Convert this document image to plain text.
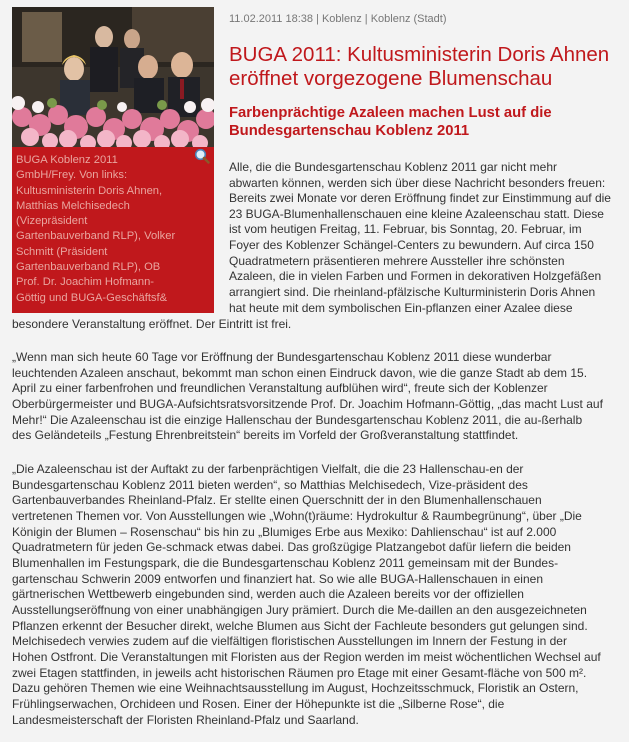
BUGA Koblenz 2011
GmbH/Frey. Von links:
Kultusministerin Doris Ahnen,
Matthias Melchisedech
(Vizepräsident
Gartenbauverband RLP), Volker
Schmitt (Präsident
Gartenbauverband RLP), OB
Prof. Dr. Joachim Hofmann-
Göttig und BUGA-Geschäftsf&
11.02.2011 18:38 | Koblenz | Koblenz (Stadt)
BUGA 2011: Kultusministerin Doris Ahnen
eröffnet vorgezogene Blumenschau
Farbenprächtige Azaleen machen Lust auf die
Bundesgartenschau Koblenz 2011
Alle, die die Bundesgartenschau Koblenz 2011 gar nicht mehr
abwarten können, werden sich über diese Nachricht besonders freuen:
Bereits zwei Monate vor deren Eröffnung findet zur Einstimmung auf die
23 BUGA-Blumenhallenschauen eine kleine Azaleenschau statt. Diese
ist vom heutigen Freitag, 11. Februar, bis Sonntag, 20. Februar, im
Foyer des Koblenzer Schängel-Centers zu bewundern. Auf circa 150
Quadratmetern präsentieren mehrere Aussteller ihre schönsten
Azaleen, die in vielen Farben und Formen in dekorativen Holzgefäßen
arrangiert sind. Die rheinland-pfälzische Kulturministerin Doris Ahnen
hat heute mit dem symbolischen Ein-pflanzen einer Azalee diese
besondere Veranstaltung eröffnet. Der Eintritt ist frei.
„Wenn man sich heute 60 Tage vor Eröffnung der Bundesgartenschau Koblenz 2011 diese wunderbar
leuchtenden Azaleen anschaut, bekommt man schon einen Eindruck davon, wie die ganze Stadt ab dem 15.
April zu einer farbenfrohen und freundlichen Veranstaltung aufblühen wird“, freute sich der Koblenzer
Oberbürgermeister und BUGA-Aufsichtsratsvorsitzende Prof. Dr. Joachim Hofmann-Göttig, „das macht Lust auf
Mehr!“ Die Azaleenschau ist die einzige Hallenschau der Bundesgartenschau Koblenz 2011, die au-ßerhalb
des Geländeteils „Festung Ehrenbreitstein“ bereits im Vorfeld der Großveranstaltung stattfindet.
„Die Azaleenschau ist der Auftakt zu der farbenprächtigen Vielfalt, die die 23 Hallenschau-en der
Bundesgartenschau Koblenz 2011 bieten werden“, so Matthias Melchisedech, Vize-präsident des
Gartenbauverbandes Rheinland-Pfalz. Er stellte einen Querschnitt der in den Blumenhallenschauen
vertretenen Themen vor. Von Ausstellungen wie „Wohn(t)räume: Hydrokultur & Raumbegrünung“, über „Die
Königin der Blumen – Rosenschau“ bis hin zu „Blumiges Erbe aus Mexiko: Dahlienschau“ ist auf 2.000
Quadratmetern für jeden Ge-schmack etwas dabei. Das großzügige Platzangebot dafür liefern die beiden
Blumenhallen im Festungspark, die die Bundesgartenschau Koblenz 2011 gemeinsam mit der Bundes-
gartenschau Schwerin 2009 entworfen und finanziert hat. So wie alle BUGA-Hallenschauen in einen
gärtnerischen Wettbewerb eingebunden sind, werden auch die Azaleen bereits vor der offiziellen
Ausstellungseröffnung von einer unabhängigen Jury prämiert. Durch die Me-daillen an den ausgezeichneten
Pflanzen erkennt der Besucher direkt, welche Blumen aus Sicht der Fachleute besonders gut gelungen sind.
Melchisedech verwies zudem auf die vielfältigen floristischen Ausstellungen im Innern der Festung in der
Hohen Ostfront. Die Veranstaltungen mit Floristen aus der Region werden im meist wöchentlichen Wechsel auf
zwei Etagen stattfinden, in jeweils acht historischen Räumen pro Etage mit einer Gesamt-fläche von 500 m².
Dazu gehören Themen wie eine Weihnachtsausstellung im August, Hochzeitsschmuck, Floristik an Ostern,
Frühlingserwachen, Orchideen und Rosen. Einer der Höhepunkte ist die „Silberne Rose“, die
Landesmeisterschaft der Floristen Rheinland-Pfalz und Saarland.
